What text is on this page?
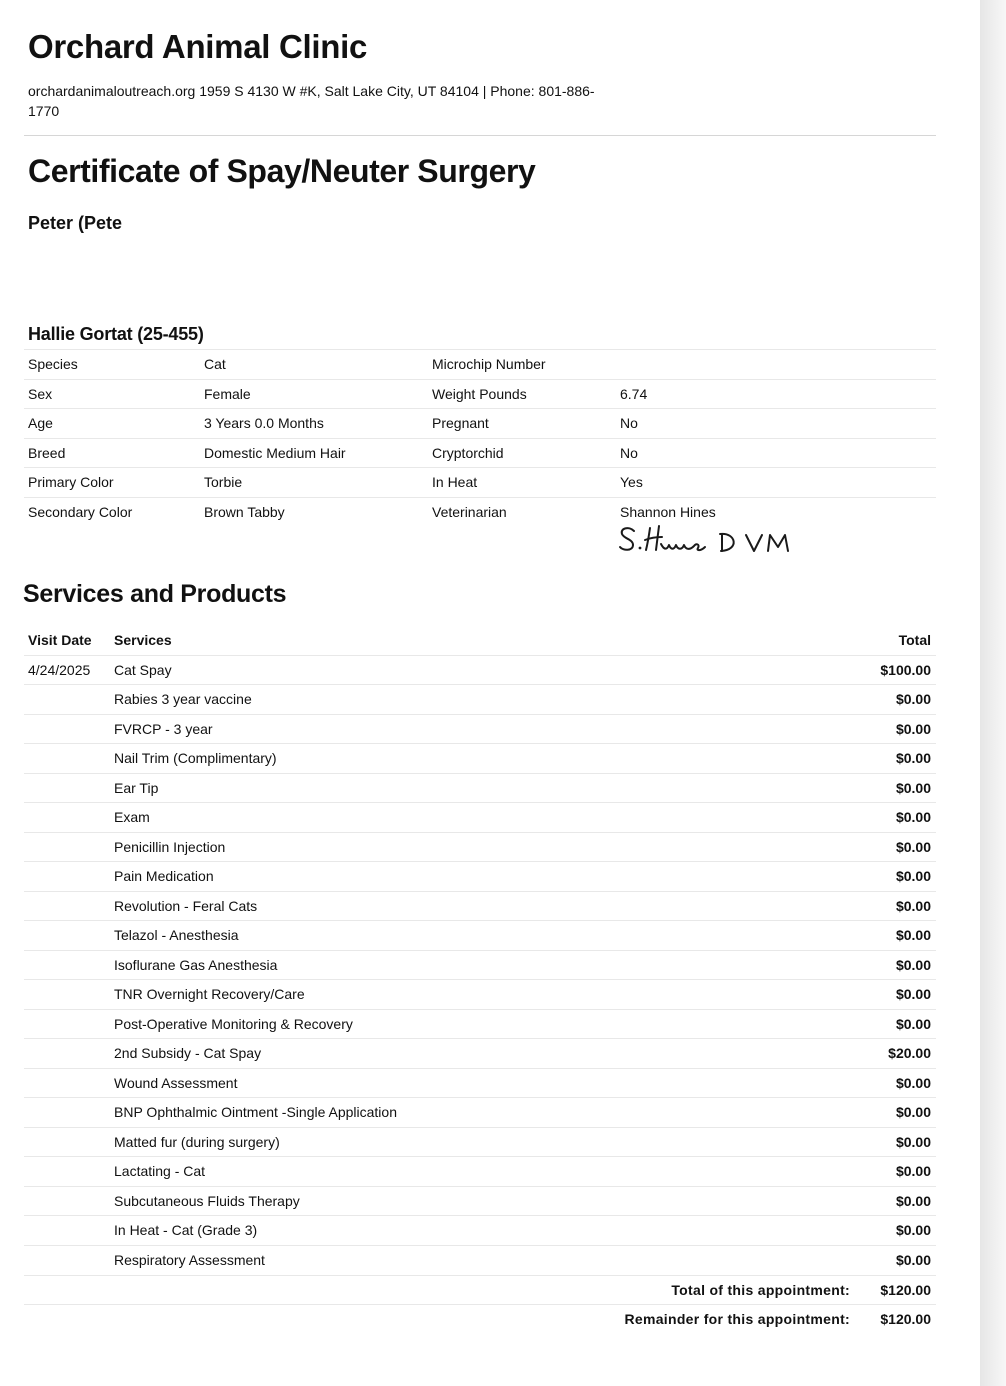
Orchard Animal Clinic
orchardanimaloutreach.org 1959 S 4130 W #K, Salt Lake City, UT 84104 | Phone: 801-886-1770
Certificate of Spay/Neuter Surgery
Peter (Pete
Hallie Gortat (25-455)
Species	Cat	Microchip Number	
Sex	Female	Weight Pounds	6.74
Age	3 Years 0.0 Months	Pregnant	No
Breed	Domestic Medium Hair	Cryptorchid	No
Primary Color	Torbie	In Heat	Yes
Secondary Color	Brown Tabby	Veterinarian	Shannon Hines
Services and Products
Visit Date	Services	Total
4/24/2025	Cat Spay	$100.00
	Rabies 3 year vaccine	$0.00
	FVRCP - 3 year	$0.00
	Nail Trim (Complimentary)	$0.00
	Ear Tip	$0.00
	Exam	$0.00
	Penicillin Injection	$0.00
	Pain Medication	$0.00
	Revolution - Feral Cats	$0.00
	Telazol - Anesthesia	$0.00
	Isoflurane Gas Anesthesia	$0.00
	TNR Overnight Recovery/Care	$0.00
	Post-Operative Monitoring & Recovery	$0.00
	2nd Subsidy - Cat Spay	$20.00
	Wound Assessment	$0.00
	BNP Ophthalmic Ointment -Single Application	$0.00
	Matted fur (during surgery)	$0.00
	Lactating - Cat	$0.00
	Subcutaneous Fluids Therapy	$0.00
	In Heat - Cat (Grade 3)	$0.00
	Respiratory Assessment	$0.00
Total of this appointment: $120.00
Remainder for this appointment: $120.00
